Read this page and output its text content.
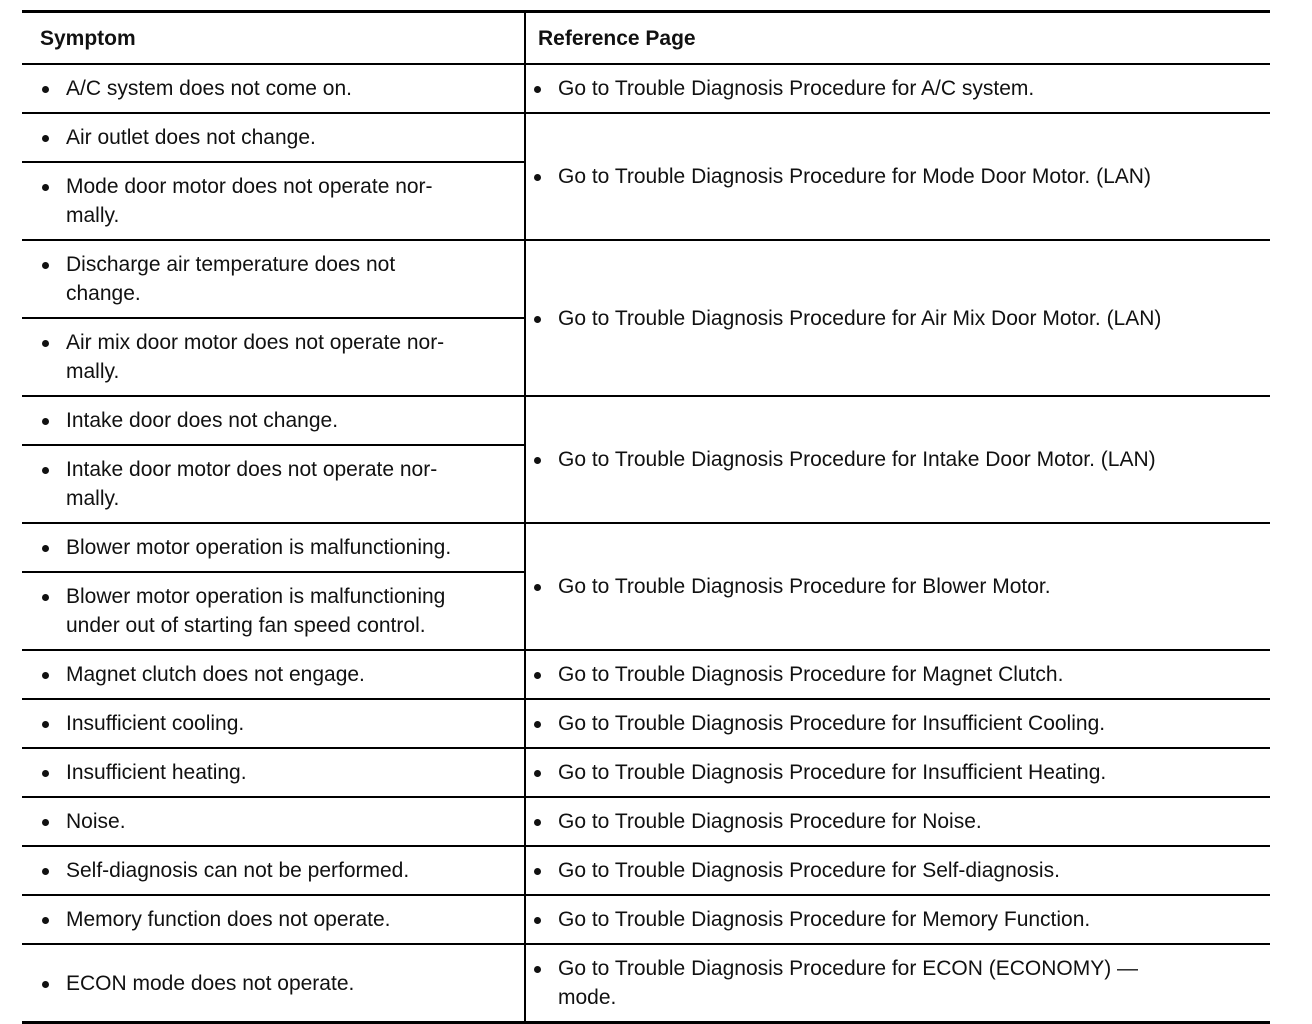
Symptom	Reference Page

A/C system does not come on.	Go to Trouble Diagnosis Procedure for A/C system.

Air outlet does not change.	Go to Trouble Diagnosis Procedure for Mode Door Motor. (LAN)

Mode door motor does not operate nor-
mally.	

Discharge air temperature does not
change.	Go to Trouble Diagnosis Procedure for Air Mix Door Motor. (LAN)

Air mix door motor does not operate nor-
mally.	

Intake door does not change.	Go to Trouble Diagnosis Procedure for Intake Door Motor. (LAN)

Intake door motor does not operate nor-
mally.	

Blower motor operation is malfunctioning.	Go to Trouble Diagnosis Procedure for Blower Motor.

Blower motor operation is malfunctioning
under out of starting fan speed control.	

Magnet clutch does not engage.	Go to Trouble Diagnosis Procedure for Magnet Clutch.

Insufficient cooling.	Go to Trouble Diagnosis Procedure for Insufficient Cooling.

Insufficient heating.	Go to Trouble Diagnosis Procedure for Insufficient Heating.

Noise.	Go to Trouble Diagnosis Procedure for Noise.

Self-diagnosis can not be performed.	Go to Trouble Diagnosis Procedure for Self-diagnosis.

Memory function does not operate.	Go to Trouble Diagnosis Procedure for Memory Function.

ECON mode does not operate.	Go to Trouble Diagnosis Procedure for ECON (ECONOMY) —
mode.
